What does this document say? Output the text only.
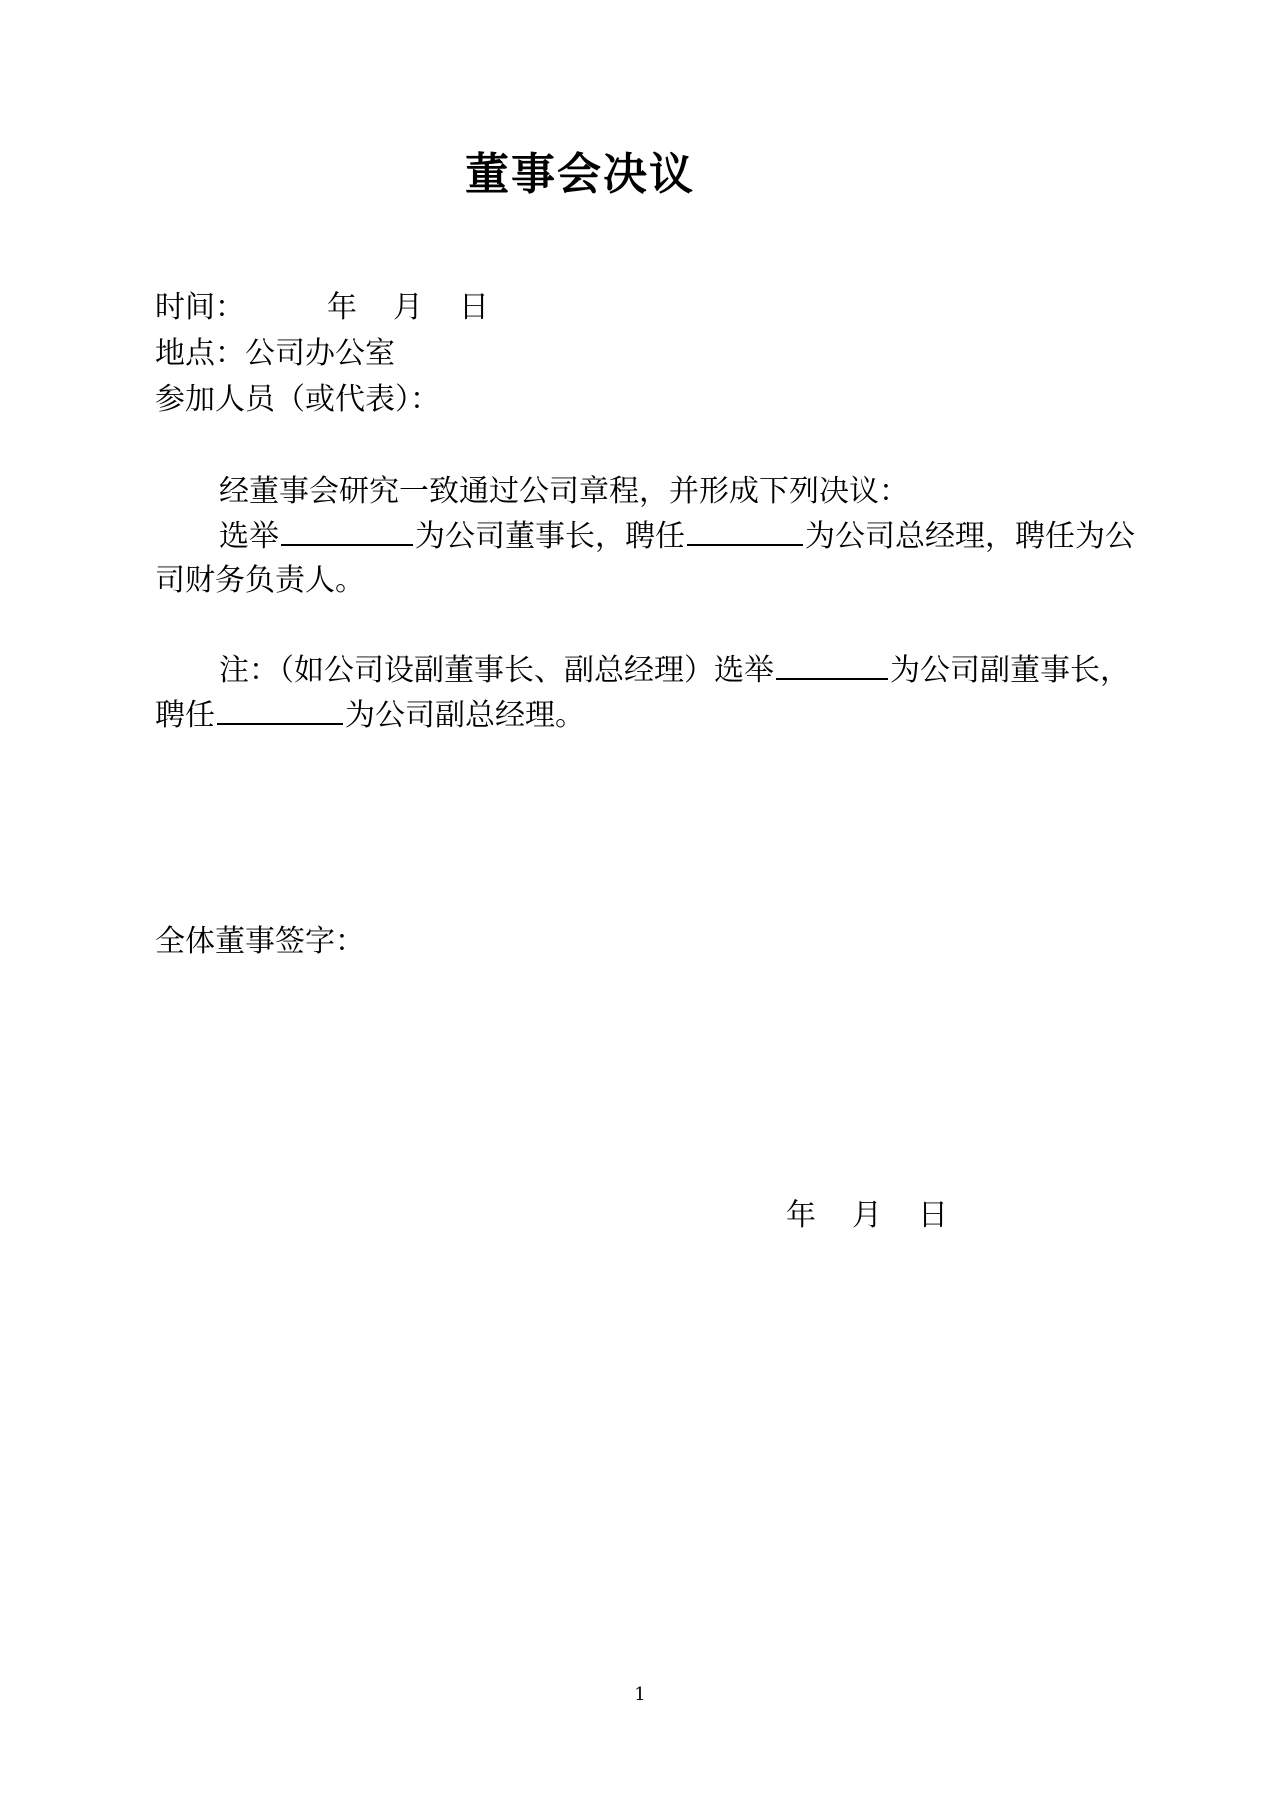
董事会决议
时间：	年 月 日
地点：公司办公室
参加人员（或代表）：
经董事会研究一致通过公司章程，并形成下列决议：
选举	为公司董事长，聘任	为公司总经理，聘任为公司财务负责人。
注：（如公司设副董事长、副总经理）选举	为公司副董事长，聘任	为公司副总经理。
全体董事签字：
年 月 日
1
